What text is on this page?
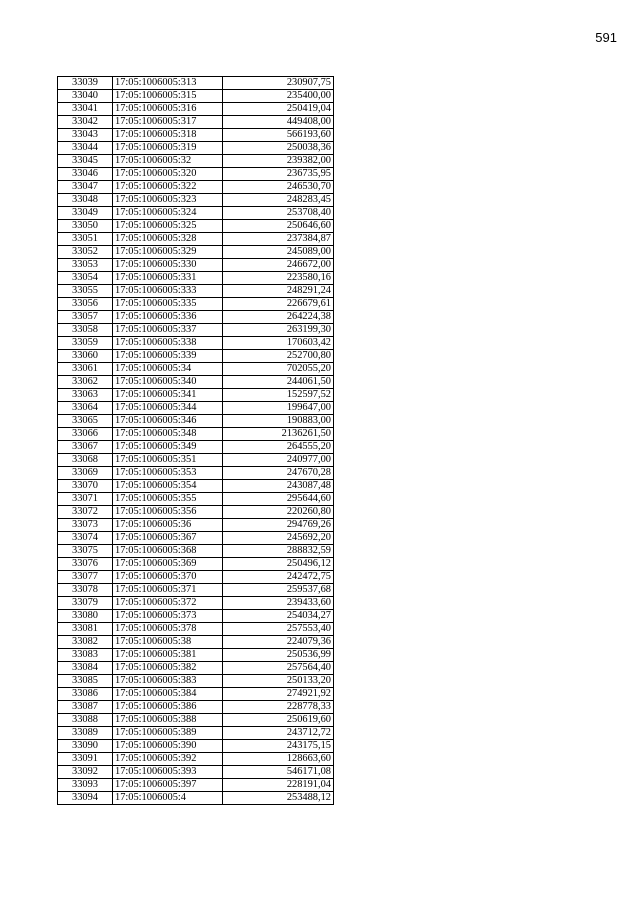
591
33039	17:05:1006005:313	230907,75
33040	17:05:1006005:315	235400,00
33041	17:05:1006005:316	250419,04
33042	17:05:1006005:317	449408,00
33043	17:05:1006005:318	566193,60
33044	17:05:1006005:319	250038,36
33045	17:05:1006005:32	239382,00
33046	17:05:1006005:320	236735,95
33047	17:05:1006005:322	246530,70
33048	17:05:1006005:323	248283,45
33049	17:05:1006005:324	253708,40
33050	17:05:1006005:325	250646,60
33051	17:05:1006005:328	237384,87
33052	17:05:1006005:329	245089,00
33053	17:05:1006005:330	246672,00
33054	17:05:1006005:331	223580,16
33055	17:05:1006005:333	248291,24
33056	17:05:1006005:335	226679,61
33057	17:05:1006005:336	264224,38
33058	17:05:1006005:337	263199,30
33059	17:05:1006005:338	170603,42
33060	17:05:1006005:339	252700,80
33061	17:05:1006005:34	702055,20
33062	17:05:1006005:340	244061,50
33063	17:05:1006005:341	152597,52
33064	17:05:1006005:344	199647,00
33065	17:05:1006005:346	190883,00
33066	17:05:1006005:348	2136261,50
33067	17:05:1006005:349	264555,20
33068	17:05:1006005:351	240977,00
33069	17:05:1006005:353	247670,28
33070	17:05:1006005:354	243087,48
33071	17:05:1006005:355	295644,60
33072	17:05:1006005:356	220260,80
33073	17:05:1006005:36	294769,26
33074	17:05:1006005:367	245692,20
33075	17:05:1006005:368	288832,59
33076	17:05:1006005:369	250496,12
33077	17:05:1006005:370	242472,75
33078	17:05:1006005:371	259537,68
33079	17:05:1006005:372	239433,60
33080	17:05:1006005:373	254034,27
33081	17:05:1006005:378	257553,40
33082	17:05:1006005:38	224079,36
33083	17:05:1006005:381	250536,99
33084	17:05:1006005:382	257564,40
33085	17:05:1006005:383	250133,20
33086	17:05:1006005:384	274921,92
33087	17:05:1006005:386	228778,33
33088	17:05:1006005:388	250619,60
33089	17:05:1006005:389	243712,72
33090	17:05:1006005:390	243175,15
33091	17:05:1006005:392	128663,60
33092	17:05:1006005:393	546171,08
33093	17:05:1006005:397	228191,04
33094	17:05:1006005:4	253488,12
